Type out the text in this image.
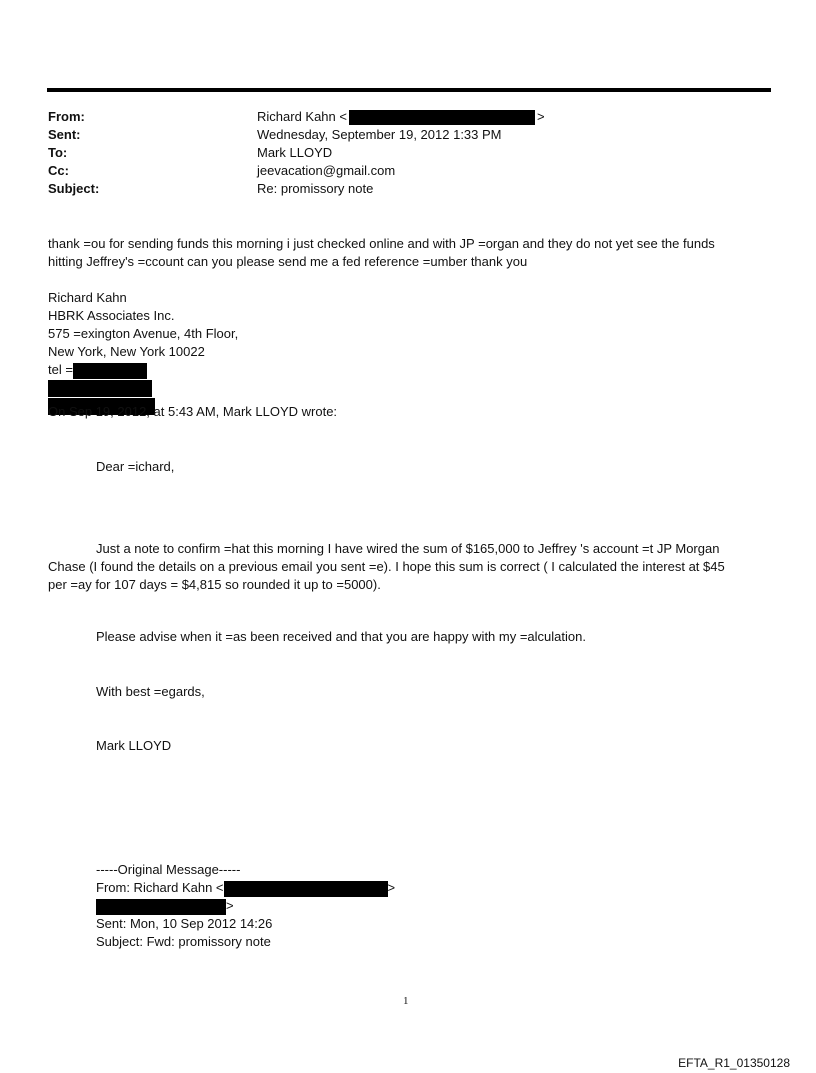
From:	Richard Kahn <	>
Sent:	Wednesday, September 19, 2012 1:33 PM
To:	Mark LLOYD
Cc:	jeevacation@gmail.com
Subject:	Re: promissory note

thank =ou for sending funds this morning i just checked online and with JP =organ and they do not yet see the funds

hitting Jeffrey's =ccount can you please send me a fed reference =umber thank you

Richard Kahn

HBRK Associates Inc.

575 =exington Avenue, 4th Floor,

New York, New York 10022

tel =

On Sep 19, 2012, at 5:43 AM, Mark LLOYD wrote:

Dear =ichard,

Just a note to confirm =hat this morning I have wired the sum of $165,000 to Jeffrey 's account =t JP Morgan

Chase (I found the details on a previous email you sent =e). I hope this sum is correct ( I calculated the interest at $45

per =ay for 107 days = $4,815 so rounded it up to =5000).

Please advise when it =as been received and that you are happy with my =alculation.

With best =egards,

Mark LLOYD

-----Original Message-----

From: Richard Kahn <	>

>

Sent: Mon, 10 Sep 2012 14:26

Subject: Fwd: promissory note

1
EFTA_R1_01350128
